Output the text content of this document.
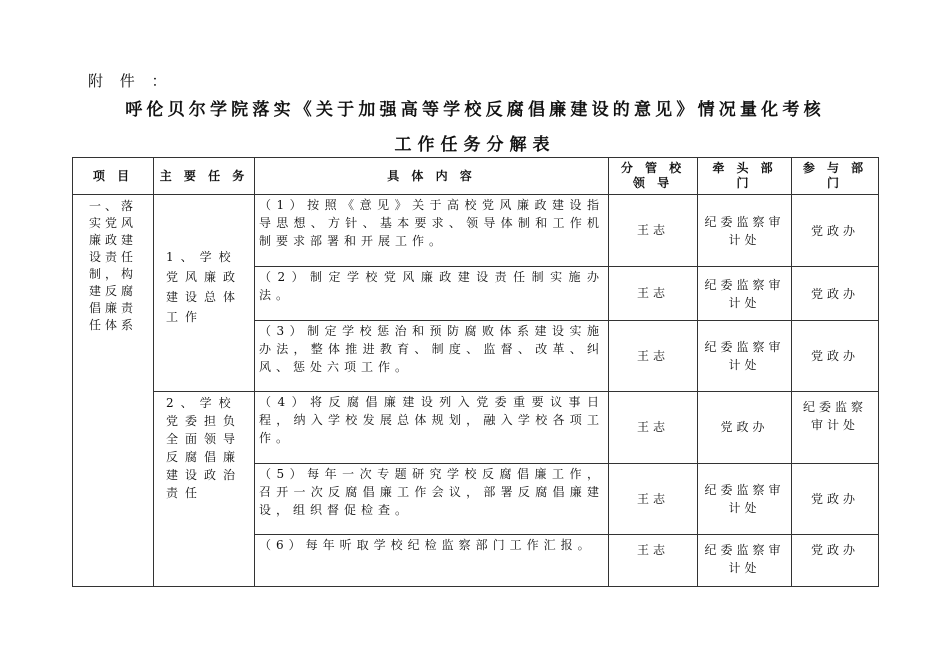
附 件 ：
呼伦贝尔学院落实《关于加强高等学校反腐倡廉建设的意见》情况量化考核
工作任务分解表
项 目	主 要 任 务	具 体 内 容	分 管 校 领 导	牵 头 部 门	参 与 部 门
一、落实党风廉政建设责任制，构建反腐倡廉责任体系	1、学校党风廉政建设总体工作	（1）按照《意见》关于高校党风廉政建设指导思想、方针、基本要求、领导体制和工作机制要求部署和开展工作。	王志	纪委监察审计处	党政办
		（2）制定学校党风廉政建设责任制实施办法。	王志	纪委监察审计处	党政办
		（3）制定学校惩治和预防腐败体系建设实施办法，整体推进教育、制度、监督、改革、纠风、惩处六项工作。	王志	纪委监察审计处	党政办
	2、学校党委担负全面领导反腐倡廉建设政治责任	（4）将反腐倡廉建设列入党委重要议事日程，纳入学校发展总体规划，融入学校各项工作。	王志	党政办	纪委监察审计处
		（5）每年一次专题研究学校反腐倡廉工作，召开一次反腐倡廉工作会议，部署反腐倡廉建设，组织督促检查。	王志	纪委监察审计处	党政办
		（6）每年听取学校纪检监察部门工作汇报。	王志	纪委监察审计处	党政办
